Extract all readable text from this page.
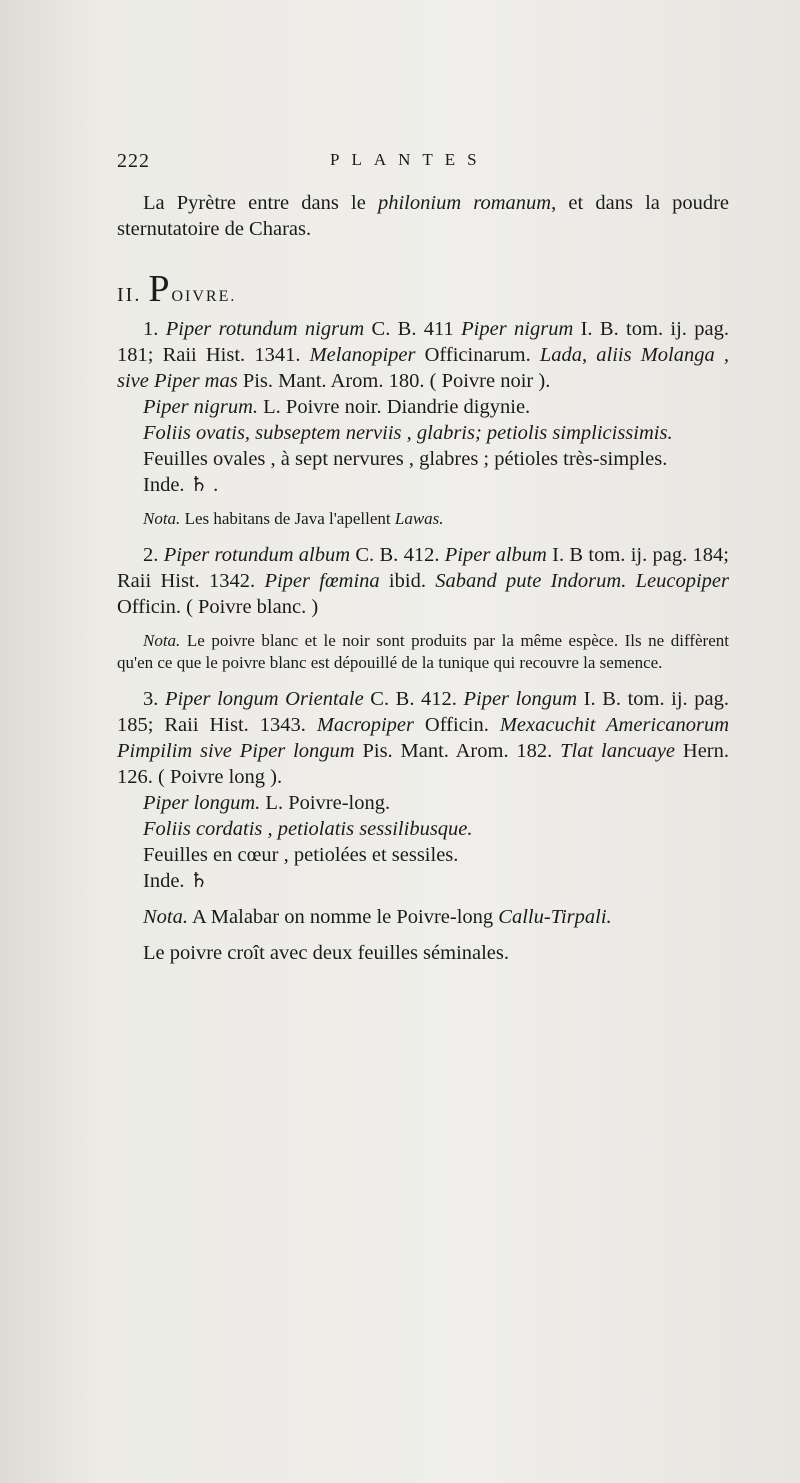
222	PLANTES

La Pyrètre entre dans le philonium romanum, et dans la poudre sternutatoire de Charas.

II. POIVRE.

1. Piper rotundum nigrum C. B. 411 Piper nigrum I. B. tom. ij. pag. 181; Raii Hist. 1341. Melanopiper Officinarum. Lada, aliis Molanga , sive Piper mas Pis. Mant. Arom. 180. ( Poivre noir ).

Piper nigrum. L. Poivre noir. Diandrie digynie.

Foliis ovatis, subseptem nerviis , glabris; petiolis simplicissimis.

Feuilles ovales , à sept nervures , glabres ; pétioles très-simples.

Inde. ♄ .

Nota. Les habitans de Java l'apellent Lawas.

2. Piper rotundum album C. B. 412. Piper album I. B tom. ij. pag. 184; Raii Hist. 1342. Piper fœmina ibid. Saband pute Indorum. Leucopiper Officin. ( Poivre blanc. )

Nota. Le poivre blanc et le noir sont produits par la même espèce. Ils ne diffèrent qu'en ce que le poivre blanc est dépouillé de la tunique qui recouvre la semence.

3. Piper longum Orientale C. B. 412. Piper longum I. B. tom. ij. pag. 185; Raii Hist. 1343. Macropiper Officin. Mexacuchit Americanorum Pimpilim sive Piper longum Pis. Mant. Arom. 182. Tlat lancuaye Hern. 126. ( Poivre long ).

Piper longum. L. Poivre-long.

Foliis cordatis , petiolatis sessilibusque.

Feuilles en cœur , petiolées et sessiles.

Inde. ♄

Nota. A Malabar on nomme le Poivre-long Callu-Tirpali.

Le poivre croît avec deux feuilles séminales.
